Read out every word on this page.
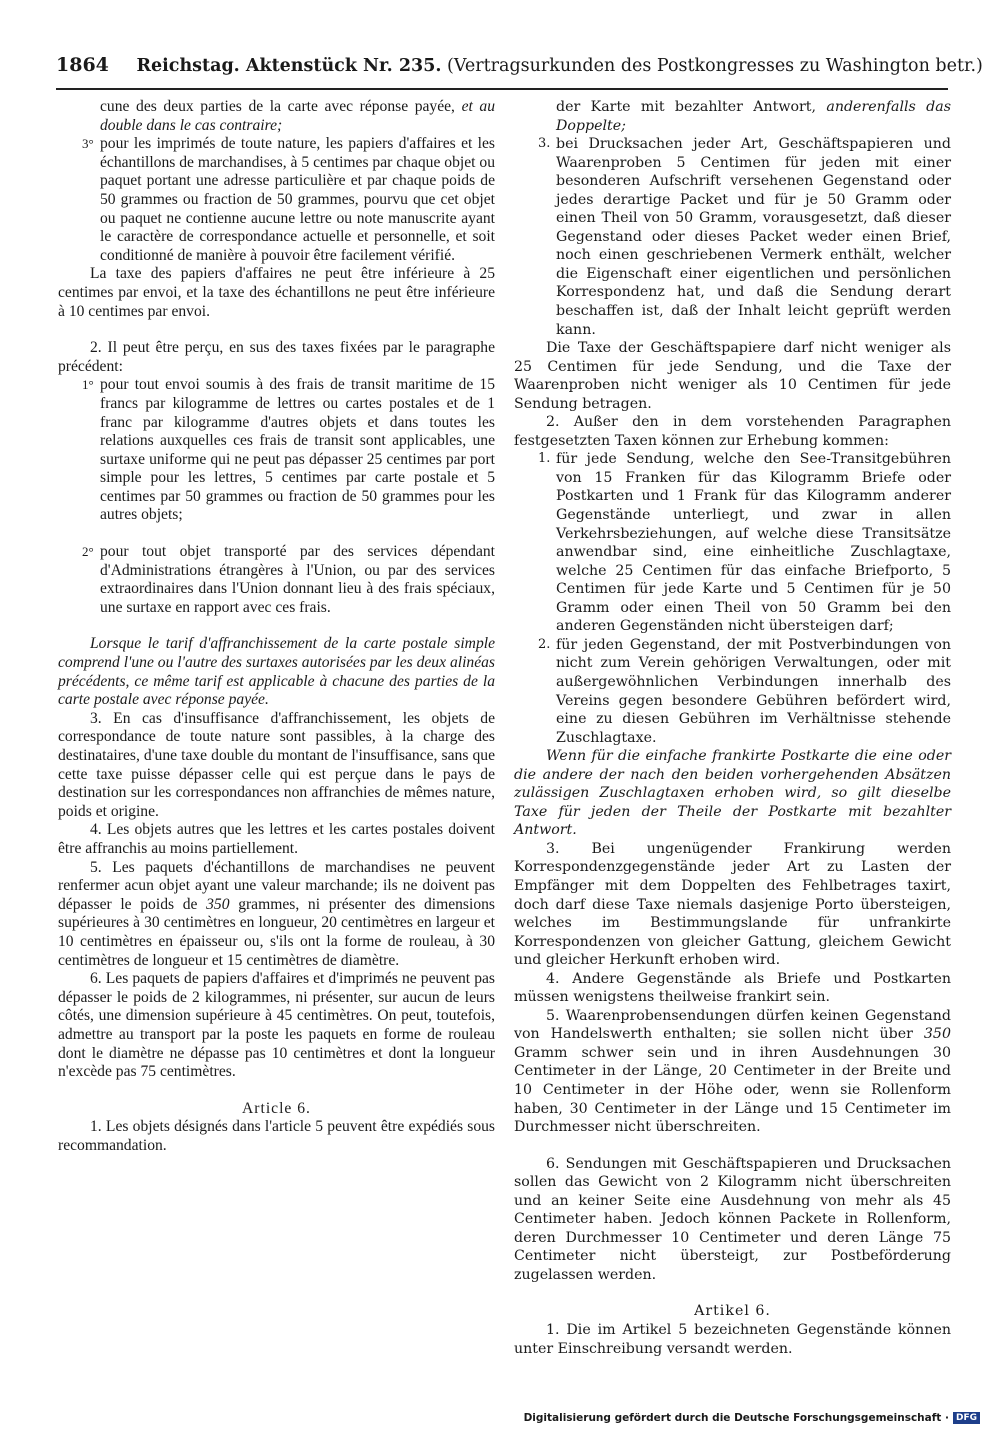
1864 Reichstag. Aktenstück Nr. 235. (Vertragsurkunden des Postkongresses zu Washington betr.)

cune des deux parties de la carte avec réponse payée, et au double dans le cas contraire;

3° pour les imprimés de toute nature, les papiers d'affaires et les échantillons de marchandises, à 5 centimes par chaque objet ou paquet portant une adresse particulière et par chaque poids de 50 grammes ou fraction de 50 grammes, pourvu que cet objet ou paquet ne contienne aucune lettre ou note manuscrite ayant le caractère de correspondance actuelle et personnelle, et soit conditionné de manière à pouvoir être facilement vérifié.

La taxe des papiers d'affaires ne peut être inférieure à 25 centimes par envoi, et la taxe des échantillons ne peut être inférieure à 10 centimes par envoi.

2. Il peut être perçu, en sus des taxes fixées par le paragraphe précédent:

1° pour tout envoi soumis à des frais de transit maritime de 15 francs par kilogramme de lettres ou cartes postales et de 1 franc par kilogramme d'autres objets et dans toutes les relations auxquelles ces frais de transit sont applicables, une surtaxe uniforme qui ne peut pas dépasser 25 centimes par port simple pour les lettres, 5 centimes par carte postale et 5 centimes par 50 grammes ou fraction de 50 grammes pour les autres objets;

2° pour tout objet transporté par des services dépendant d'Administrations étrangères à l'Union, ou par des services extraordinaires dans l'Union donnant lieu à des frais spéciaux, une surtaxe en rapport avec ces frais.

Lorsque le tarif d'affranchissement de la carte postale simple comprend l'une ou l'autre des surtaxes autorisées par les deux alinéas précédents, ce même tarif est applicable à chacune des parties de la carte postale avec réponse payée.

3. En cas d'insuffisance d'affranchissement, les objets de correspondance de toute nature sont passibles, à la charge des destinataires, d'une taxe double du montant de l'insuffisance, sans que cette taxe puisse dépasser celle qui est perçue dans le pays de destination sur les correspondances non affranchies de mêmes nature, poids et origine.

4. Les objets autres que les lettres et les cartes postales doivent être affranchis au moins partiellement.

5. Les paquets d'échantillons de marchandises ne peuvent renfermer acun objet ayant une valeur marchande; ils ne doivent pas dépasser le poids de 350 grammes, ni présenter des dimensions supérieures à 30 centimètres en longueur, 20 centimètres en largeur et 10 centimètres en épaisseur ou, s'ils ont la forme de rouleau, à 30 centimètres de longueur et 15 centimètres de diamètre.

6. Les paquets de papiers d'affaires et d'imprimés ne peuvent pas dépasser le poids de 2 kilogrammes, ni présenter, sur aucun de leurs côtés, une dimension supérieure à 45 centimètres. On peut, toutefois, admettre au transport par la poste les paquets en forme de rouleau dont le diamètre ne dépasse pas 10 centimètres et dont la longueur n'excède pas 75 centimètres.

Article 6.

1. Les objets désignés dans l'article 5 peuvent être expédiés sous recommandation.

der Karte mit bezahlter Antwort, anderenfalls das Doppelte;

3. bei Drucksachen jeder Art, Geschäftspapieren und Waarenproben 5 Centimen für jeden mit einer besonderen Aufschrift versehenen Gegenstand oder jedes derartige Packet und für je 50 Gramm oder einen Theil von 50 Gramm, vorausgesetzt, daß dieser Gegenstand oder dieses Packet weder einen Brief, noch einen geschriebenen Vermerk enthält, welcher die Eigenschaft einer eigentlichen und persönlichen Korrespondenz hat, und daß die Sendung derart beschaffen ist, daß der Inhalt leicht geprüft werden kann.

Die Taxe der Geschäftspapiere darf nicht weniger als 25 Centimen für jede Sendung, und die Taxe der Waarenproben nicht weniger als 10 Centimen für jede Sendung betragen.

2. Außer den in dem vorstehenden Paragraphen festgesetzten Taxen können zur Erhebung kommen:

1. für jede Sendung, welche den See-Transitgebühren von 15 Franken für das Kilogramm Briefe oder Postkarten und 1 Frank für das Kilogramm anderer Gegenstände unterliegt, und zwar in allen Verkehrsbeziehungen, auf welche diese Transitsätze anwendbar sind, eine einheitliche Zuschlagtaxe, welche 25 Centimen für das einfache Briefporto, 5 Centimen für jede Karte und 5 Centimen für je 50 Gramm oder einen Theil von 50 Gramm bei den anderen Gegenständen nicht übersteigen darf;

2. für jeden Gegenstand, der mit Postverbindungen von nicht zum Verein gehörigen Verwaltungen, oder mit außergewöhnlichen Verbindungen innerhalb des Vereins gegen besondere Gebühren befördert wird, eine zu diesen Gebühren im Verhältnisse stehende Zuschlagtaxe.

Wenn für die einfache frankirte Postkarte die eine oder die andere der nach den beiden vorhergehenden Absätzen zulässigen Zuschlagtaxen erhoben wird, so gilt dieselbe Taxe für jeden der Theile der Postkarte mit bezahlter Antwort.

3. Bei ungenügender Frankirung werden Korrespondenzgegenstände jeder Art zu Lasten der Empfänger mit dem Doppelten des Fehlbetrages taxirt, doch darf diese Taxe niemals dasjenige Porto übersteigen, welches im Bestimmungslande für unfrankirte Korrespondenzen von gleicher Gattung, gleichem Gewicht und gleicher Herkunft erhoben wird.

4. Andere Gegenstände als Briefe und Postkarten müssen wenigstens theilweise frankirt sein.

5. Waarenprobensendungen dürfen keinen Gegenstand von Handelswerth enthalten; sie sollen nicht über 350 Gramm schwer sein und in ihren Ausdehnungen 30 Centimeter in der Länge, 20 Centimeter in der Breite und 10 Centimeter in der Höhe oder, wenn sie Rollenform haben, 30 Centimeter in der Länge und 15 Centimeter im Durchmesser nicht überschreiten.

6. Sendungen mit Geschäftspapieren und Drucksachen sollen das Gewicht von 2 Kilogramm nicht überschreiten und an keiner Seite eine Ausdehnung von mehr als 45 Centimeter haben. Jedoch können Packete in Rollenform, deren Durchmesser 10 Centimeter und deren Länge 75 Centimeter nicht übersteigt, zur Postbeförderung zugelassen werden.

Artikel 6.

1. Die im Artikel 5 bezeichneten Gegenstände können unter Einschreibung versandt werden.

Digitalisierung gefördert durch die Deutsche Forschungsgemeinschaft · DFG
